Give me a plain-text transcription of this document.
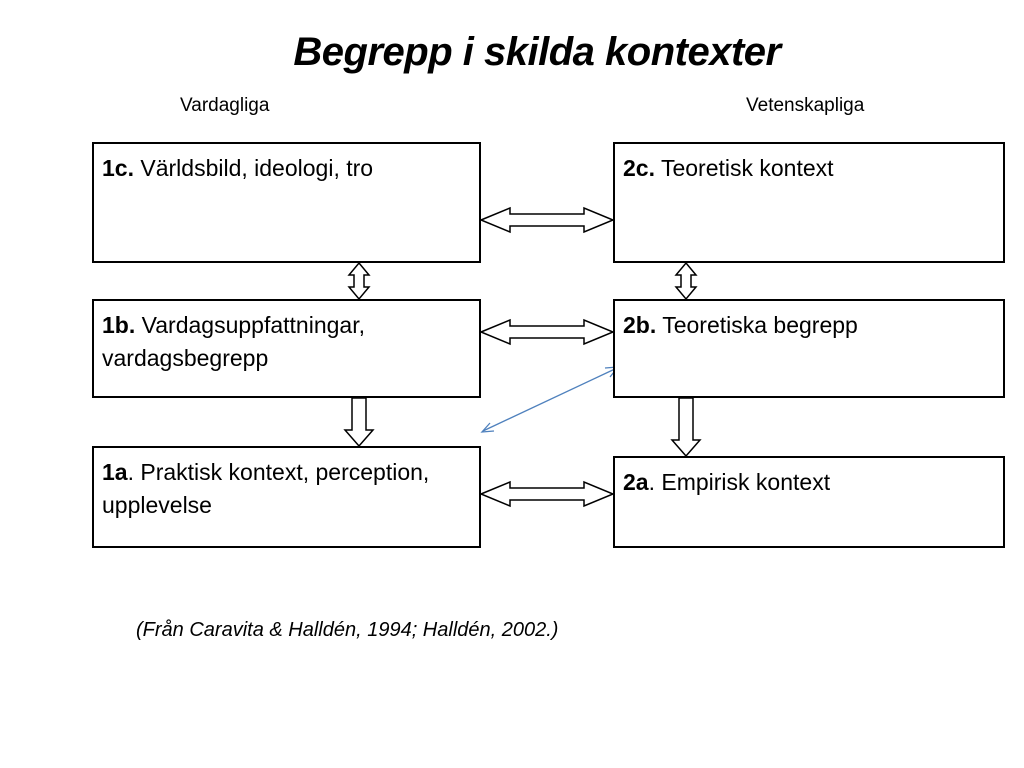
Begrepp i skilda kontexter
Vardagliga	Vetenskapliga
1c. Världsbild, ideologi, tro
1b. Vardagsuppfattningar, vardagsbegrepp
1a. Praktisk kontext, perception, upplevelse
2c. Teoretisk kontext
2b. Teoretiska begrepp
2a. Empirisk kontext
(Från Caravita & Halldén, 1994; Halldén, 2002.)
